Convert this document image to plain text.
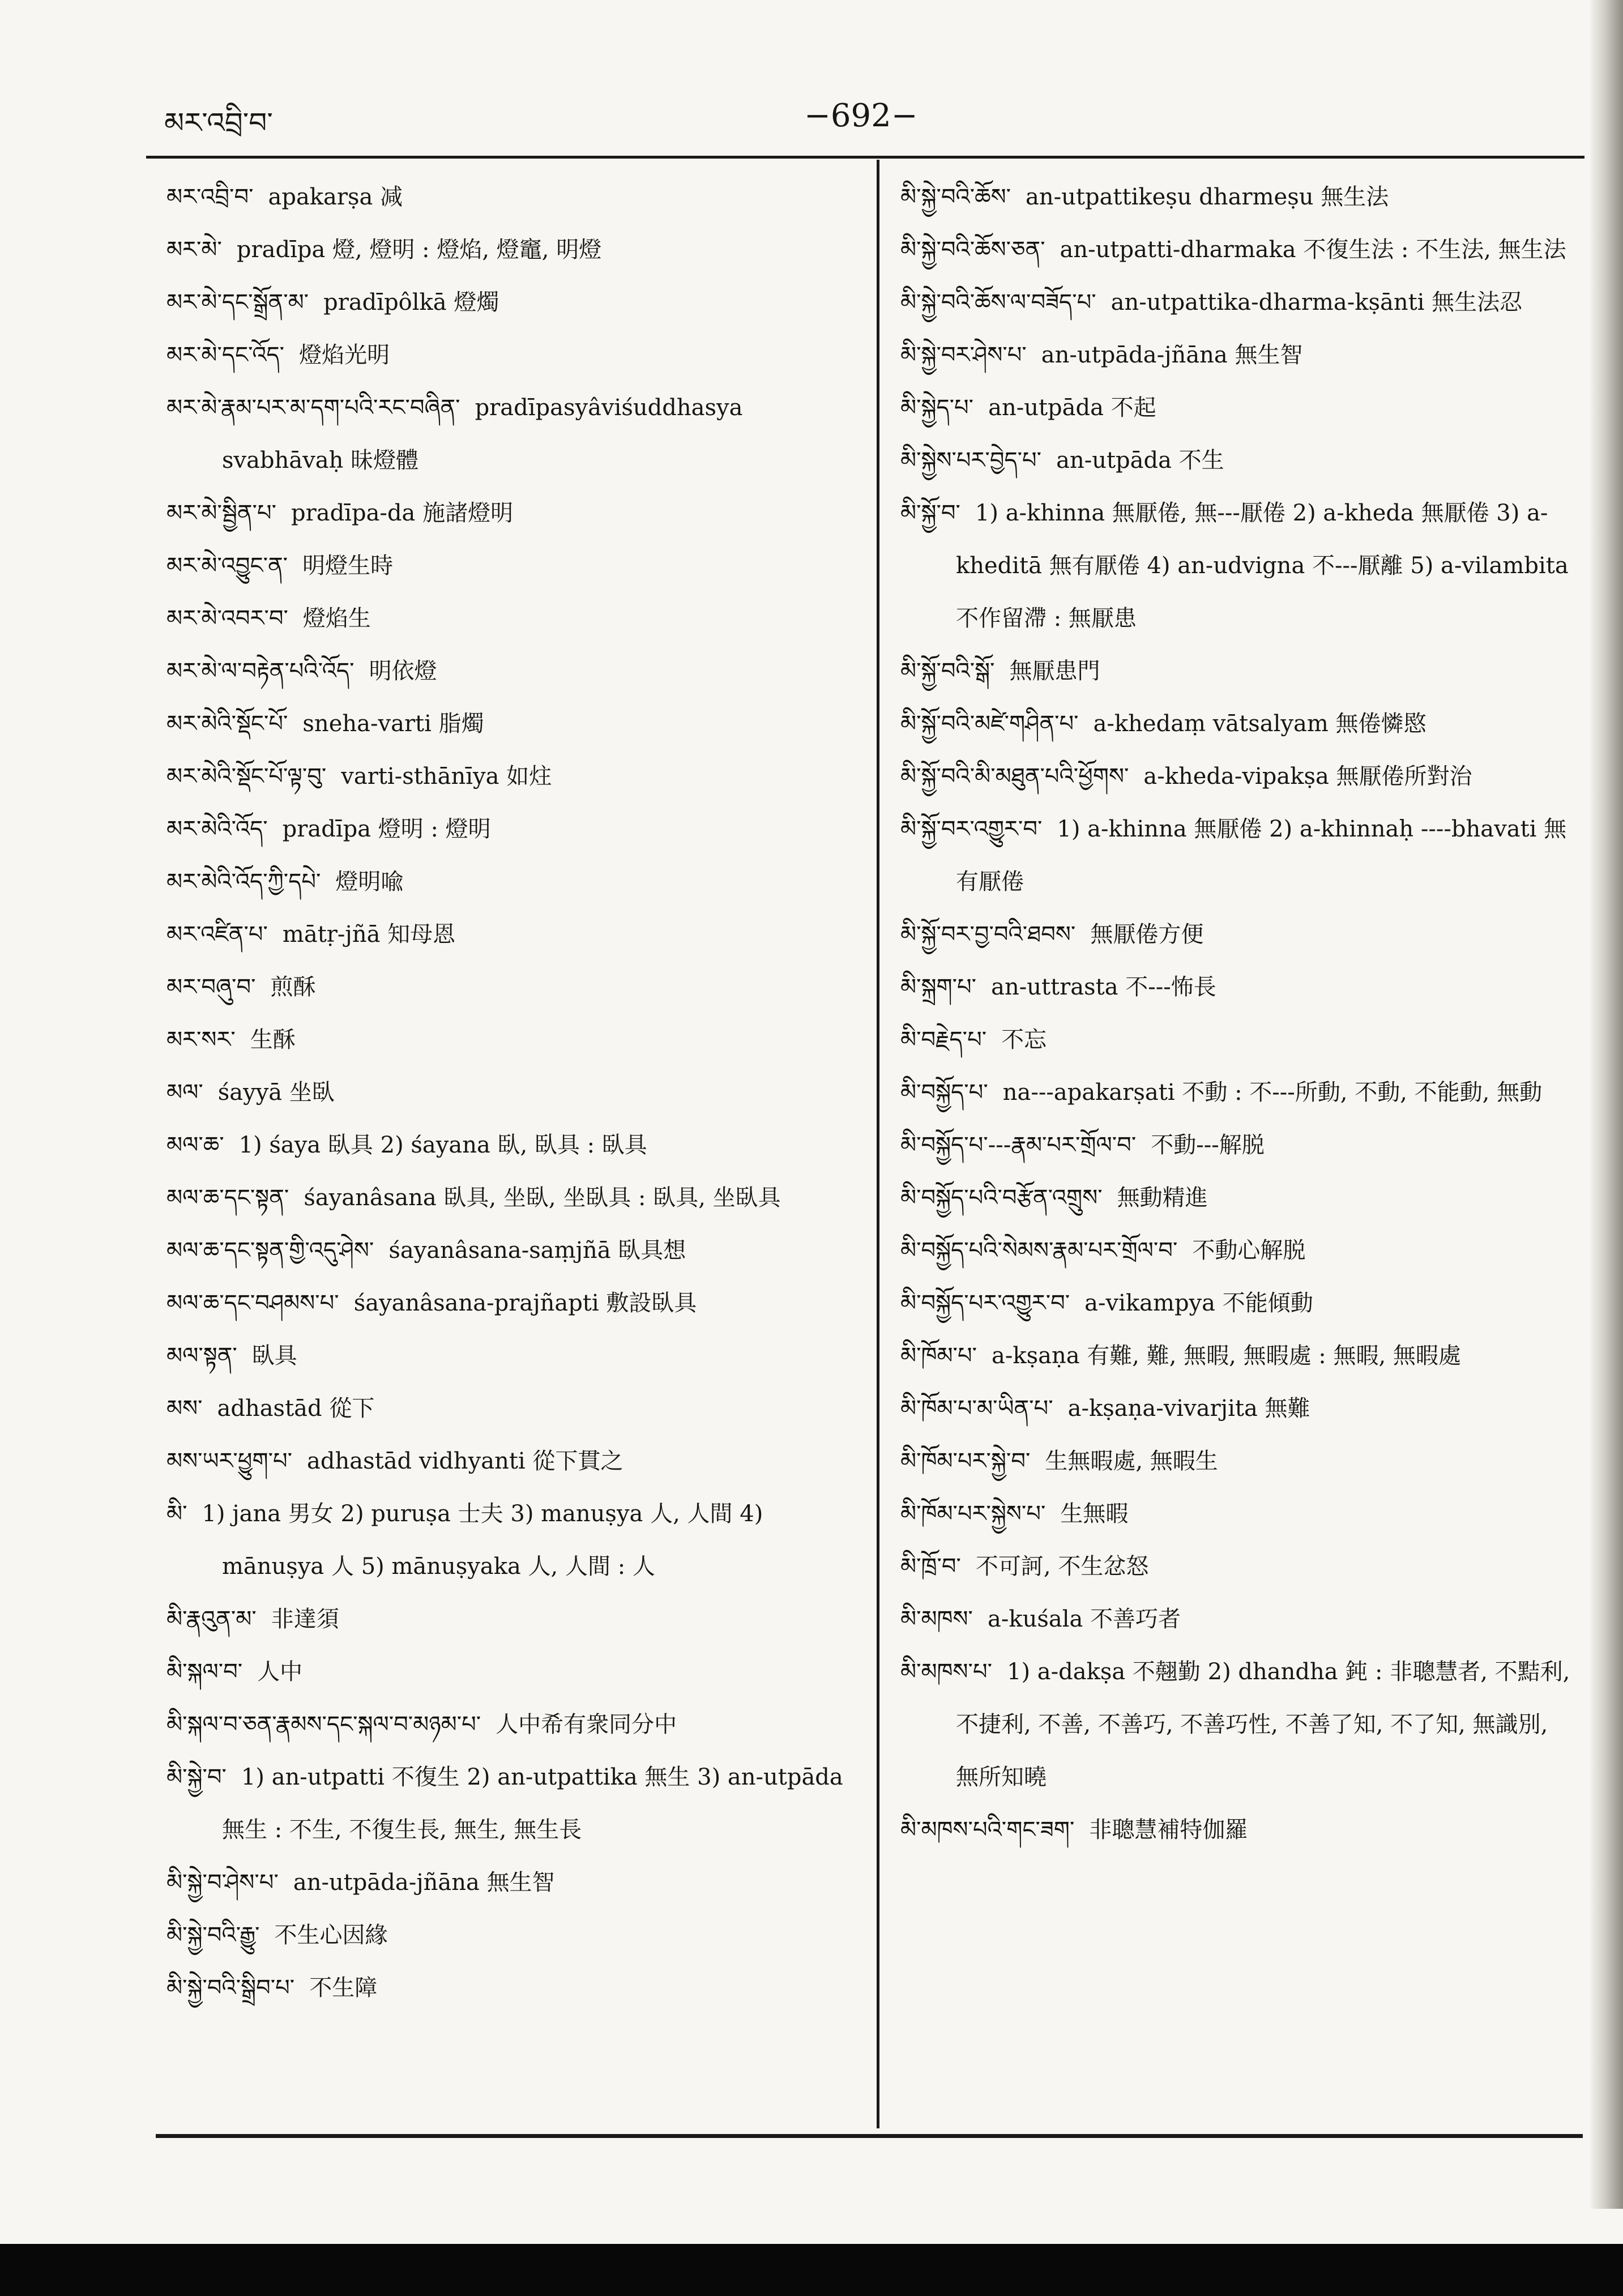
མར་འབྲི་བ་	−692−
མར་འབྲི་བ་ apakarṣa 减
མར་མེ་ pradīpa 燈, 燈明 : 燈焰, 燈竈, 明燈
མར་མེ་དང་སྒྲོན་མ་ pradīpôlkā 燈燭
མར་མེ་དང་འོད་ 燈焰光明
མར་མེ་རྣམ་པར་མ་དག་པའི་རང་བཞིན་ pradīpasyâviśuddhasya svabhāvaḥ 昧燈體
མར་མེ་སྦྱིན་པ་ pradīpa-da 施諸燈明
མར་མེ་འབྱུང་ན་ 明燈生時
མར་མེ་འབར་བ་ 燈焰生
མར་མེ་ལ་བརྟེན་པའི་འོད་ 明依燈
མར་མེའི་སྡོང་པོ་ sneha-varti 脂燭
མར་མེའི་སྡོང་པོ་ལྟ་བུ་ varti-sthānīya 如炷
མར་མེའི་འོད་ pradīpa 燈明 : 燈明
མར་མེའི་འོད་ཀྱི་དཔེ་ 燈明喩
མར་འཛིན་པ་ mātṛ-jñā 知母恩
མར་བཞུ་བ་ 煎酥
མར་སར་ 生酥
མལ་ śayyā 坐臥
མལ་ཆ་ 1) śaya 臥具 2) śayana 臥, 臥具 : 臥具
མལ་ཆ་དང་སྟན་ śayanâsana 臥具, 坐臥, 坐臥具 : 臥具, 坐臥具
མལ་ཆ་དང་སྟན་གྱི་འདུ་ཤེས་ śayanâsana-saṃjñā 臥具想
མལ་ཆ་དང་བཤམས་པ་ śayanâsana-prajñapti 敷設臥具
མལ་སྟན་ 臥具
མས་ adhastād 從下
མས་ཡར་ཕྱུག་པ་ adhastād vidhyanti 從下貫之
མི་ 1) jana 男女 2) puruṣa 士夫 3) manuṣya 人, 人間 4) mānuṣya 人 5) mānuṣyaka 人, 人間 : 人
མི་རྣའུན་མ་ 非達須
མི་སྐལ་བ་ 人中
མི་སྐལ་བ་ཅན་རྣམས་དང་སྐལ་བ་མཉམ་པ་ 人中希有衆同分中
མི་སྐྱེ་བ་ 1) an-utpatti 不復生 2) an-utpattika 無生 3) an-utpāda 無生 : 不生, 不復生長, 無生, 無生長
མི་སྐྱེ་བ་ཤེས་པ་ an-utpāda-jñāna 無生智
མི་སྐྱེ་བའི་རྒྱུ་ 不生心因緣
མི་སྐྱེ་བའི་སྒྲིབ་པ་ 不生障
མི་སྐྱེ་བའི་ཆོས་ an-utpattikeṣu dharmeṣu 無生法
མི་སྐྱེ་བའི་ཆོས་ཅན་ an-utpatti-dharmaka 不復生法 : 不生法, 無生法
མི་སྐྱེ་བའི་ཆོས་ལ་བཟོད་པ་ an-utpattika-dharma-kṣānti 無生法忍
མི་སྐྱེ་བར་ཤེས་པ་ an-utpāda-jñāna 無生智
མི་སྐྱེད་པ་ an-utpāda 不起
མི་སྐྱེས་པར་བྱེད་པ་ an-utpāda 不生
མི་སྐྱོ་བ་ 1) a-khinna 無厭倦, 無---厭倦 2) a-kheda 無厭倦 3) a-kheditā 無有厭倦 4) an-udvigna 不---厭離 5) a-vilambita 不作留滯 : 無厭患
མི་སྐྱོ་བའི་སྒོ་ 無厭患門
མི་སྐྱོ་བའི་མཛེ་གཤིན་པ་ a-khedaṃ vātsalyam 無倦憐愍
མི་སྐྱོ་བའི་མི་མཐུན་པའི་ཕྱོགས་ a-kheda-vipakṣa 無厭倦所對治
མི་སྐྱོ་བར་འགྱུར་བ་ 1) a-khinna 無厭倦 2) a-khinnaḥ ----bhavati 無有厭倦
མི་སྐྱོ་བར་བྱ་བའི་ཐབས་ 無厭倦方便
མི་སྐྲག་པ་ an-uttrasta 不---怖長
མི་བརྗེད་པ་ 不忘
མི་བསྐྱོད་པ་ na---apakarṣati 不動 : 不---所動, 不動, 不能動, 無動
མི་བསྐྱོད་པ་---རྣམ་པར་གྲོལ་བ་ 不動---解脱
མི་བསྐྱོད་པའི་བརྩོན་འགྲུས་ 無動精進
མི་བསྐྱོད་པའི་སེམས་རྣམ་པར་གྲོལ་བ་ 不動心解脱
མི་བསྐྱོད་པར་འགྱུར་བ་ a-vikampya 不能傾動
མི་ཁོམ་པ་ a-kṣaṇa 有難, 難, 無暇, 無暇處 : 無暇, 無暇處
མི་ཁོམ་པ་མ་ཡིན་པ་ a-kṣaṇa-vivarjita 無難
མི་ཁོམ་པར་སྐྱེ་བ་ 生無暇處, 無暇生
མི་ཁོམ་པར་སྐྱེས་པ་ 生無暇
མི་ཁྲོ་བ་ 不可訶, 不生忿怒
མི་མཁས་ a-kuśala 不善巧者
མི་མཁས་པ་ 1) a-dakṣa 不翹勤 2) dhandha 鈍 : 非聰慧者, 不黠利, 不捷利, 不善, 不善巧, 不善巧性, 不善了知, 不了知, 無識別, 無所知曉
མི་མཁས་པའི་གང་ཟག་ 非聰慧補特伽羅
